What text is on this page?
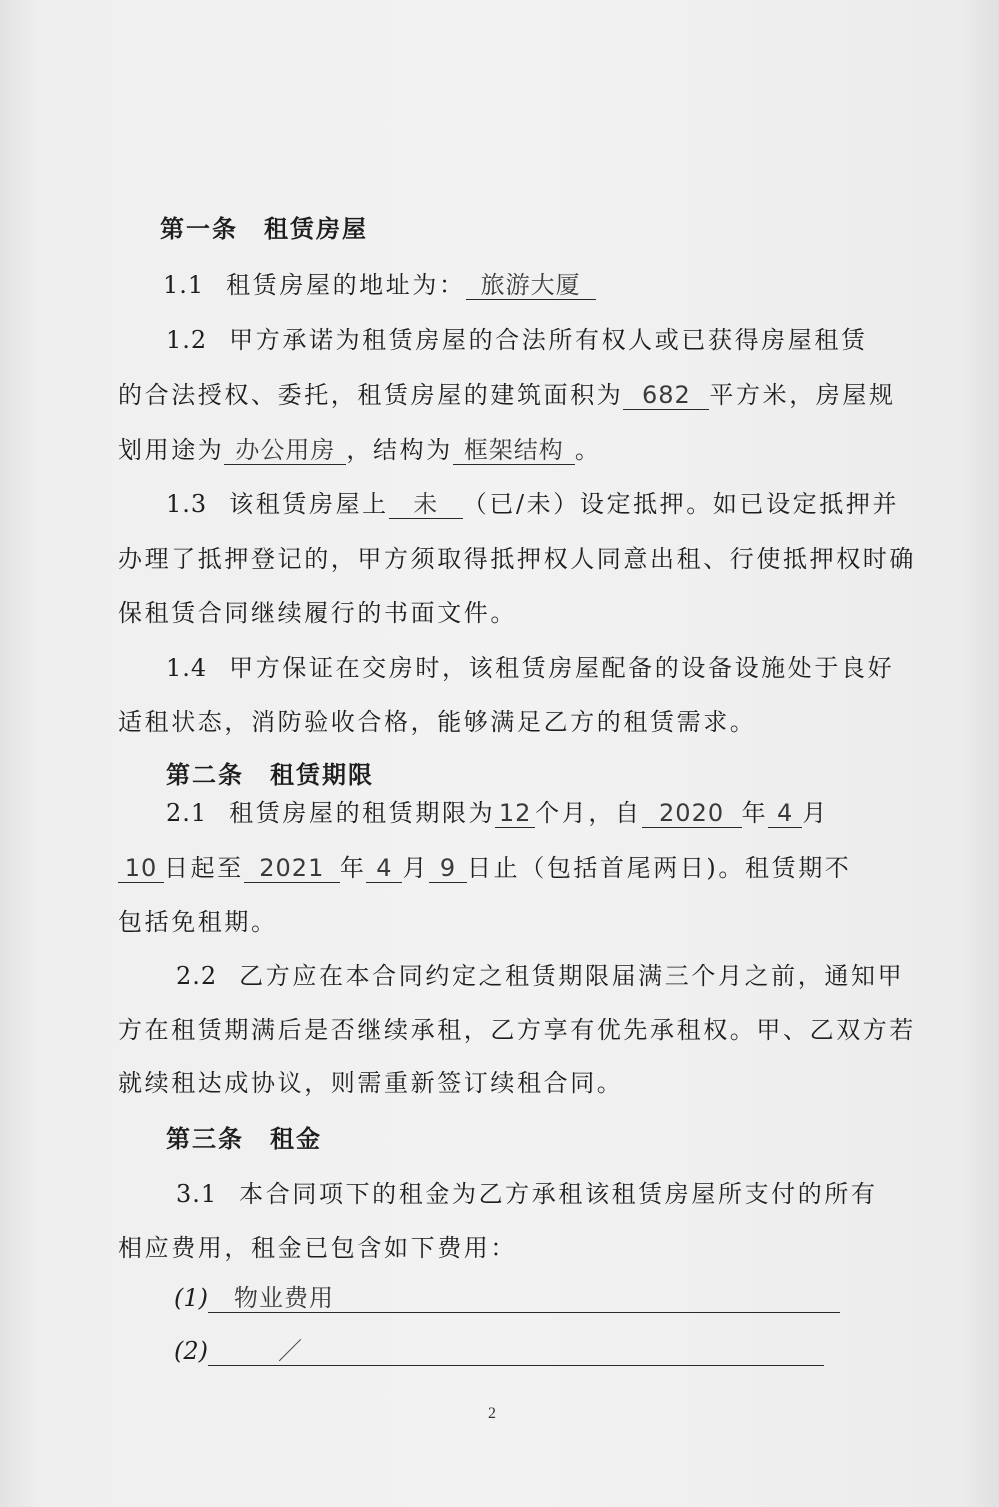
第一条 租赁房屋
1.1 租赁房屋的地址为： 旅游大厦
1.2 甲方承诺为租赁房屋的合法所有权人或已获得房屋租赁
的合法授权、委托，租赁房屋的建筑面积为 682 平方米，房屋规
划用途为 办公用房 ，结构为 框架结构 。
1.3 该租赁房屋上 未 （已/未）设定抵押。如已设定抵押并
办理了抵押登记的，甲方须取得抵押权人同意出租、行使抵押权时确
保租赁合同继续履行的书面文件。
1.4 甲方保证在交房时，该租赁房屋配备的设备设施处于良好
适租状态，消防验收合格，能够满足乙方的租赁需求。
第二条 租赁期限
2.1 租赁房屋的租赁期限为 12 个月，自 2020 年 4 月
10 日起至 2021 年 4 月 9 日止（包括首尾两日)。租赁期不
包括免租期。
2.2 乙方应在本合同约定之租赁期限届满三个月之前，通知甲
方在租赁期满后是否继续承租，乙方享有优先承租权。甲、乙双方若
就续租达成协议，则需重新签订续租合同。
第三条 租金
3.1 本合同项下的租金为乙方承租该租赁房屋所支付的所有
相应费用，租金已包含如下费用：
(1) 物业费用
(2)	／
2
